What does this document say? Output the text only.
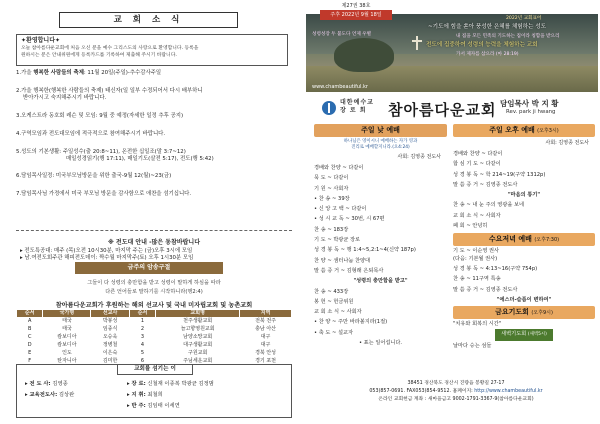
교 회 소 식
✦환영합니다✦
오늘 참아름다운교회에 처음 오신 분을 예수 그리스도의 사랑으로 환영합니다. 등록을
원하시는 분은 안내위원에게 등록카드를 기록하여 제출해 주시기 바랍니다.
1.가을 행복한 사람들의 축제: 11월 20일(주일)-추수감사주일
2.가을 행복한(행복한 사람들의 축제) 태신자(일 일부 수정되어서 다시 배부하니
받아가시고 숙지해주시기 바랍니다.
3.오케스트라 동호회 레슨 및 모임: 9월 중 예정(자세한 일정 추후 공지)
4.구역모임과 전도대모임에 적극적으로 참여해주시기 바랍니다.
5.성도의 기본생활: 주일성수(출 20:8~11), 온전한 십일조(말 3:7~12)
매일성경읽기(행 17:11), 매일기도(살전 5:17), 전도(행 5:42)
6.담임목사일정: 미국부모님방문을 위한 출국-9월 12(월)~23(금)
7.담임목사님 가정에서 미국 부모님 방문을 감사함으로 애찬을 섬기십니다.
※ 전도대 안내 -많은 동참바랍니다
▸ 전도특공대: 매주 (목)오전 10시30분, 마지막 주는 (금)오후 3시에 모임
금주의 암송구절
▸ 남.여전도회주관 해피전도데이: 짝수월 마지막주(토) 오후 1시30분 모임
그들이 다 성령의 충만함을 받고 성령이 말하게 하심을 따라
다른 언어들로 말하기를 시작하니라(행2:4)
참아름다운교회가 후원하는 해외 선교사 및 국내 미자립교회 및 농촌교회
순서	국가명	선교사	순서	교회명	지역
A	태국	박봉성	1	천주생활교회	전북 전주
B	태국	임종식	2	늘고향영원교회	충남 아산
C	캄보디아	오승욱	3	남양소망교회	대구
D	캄보디아	정병철	4	대구생활교회	대구
E	인도	이은숙	5	구원교회	경북 안성
F	탄자니아	김미한	6	주님세운교회	경기 포천
교회를 섬기는 이
▸ 전 도 사: 김영종
▸ 교육전도사: 김상완
▸ 장 로: 신철재 이종복 박광균 김정범
▸ 지 휘: 최철희
▸ 반 주: 김임태 이세연
성령성장 두 불도다 언제 우별
2022년 교회표어
~기도에 힘을 쏟아 풍성한 은혜를 체험하는 성도
내 집을 모든 민족의 기도하는 집이라 칭함을 받으리
전도에 집중하여 성령의 능력을 체험하는 교회
가서 제자를 삼으라 (마 28:19)
www.chambeautiful.kr
제27권 38호
주후 2022년 9월 18일
대한예수교
장 로 회	참아름다운교회 담임목사 박 지 황
Rev. park ji hwang
주일 낮 예배
하나님은 영이시니 예배하는 자가 영과
진리로 예배할지니라.(요4:24)
사회: 김영종 전도사
경배와 찬양 ~ 다같이
묵 도 ~ 다같이
기 원 ~ 사회자
• 찬 송 ~ 39장
• 신 앙 고 백 ~ 다같이
• 성 시 교 독 ~ 30번, 시 67편
찬 송 ~ 183장
기 도 ~ 박광균 장로
성 경 봉 독 ~ 행 1:4~5,2:1~4(신약 187p)
찬 양 ~ 샘터나눔 찬양대
말 씀 증 거 ~ 김형래 은퇴목사
"성령의 충만함을 받고"
찬 송 ~ 433장
봉 헌 ~ 헌금위원
교 회 소 식 ~ 사회자
• 찬 양 ~ 주만 바라볼지라(1절)
• 축 도 ~ 설교자
• 표는 일어섭니다.
주일 오후 예배 (오후3시)
사회: 김영종 전도사
경배와 찬양 ~ 다같이
합 심 기 도 ~ 다같이
성 경 봉 독 ~ 학 214~19(구약 1312p)
말 씀 증 거 ~ 김영종 전도사
"마음의 통기"
찬 송 ~ 내 눈 주의 영광을 보네
교 회 소 식 ~ 사회자
폐 회 ~ 안녕히
수요저녁 예배 (오후7:30)
기 도 ~ 이순영 권사
(다음: 기본월 권사)
성 경 봉 독 ~ 4:13~16(구약 754p)
찬 송 ~ 11구역 특송
말 씀 증 거 ~ 김영종 전도사
"에스더-슬픔이 변하여"
금요기도회 (오후9시)
"치유와 회복의 시간"
새벽기도회 (새벽5시)
날마다 승는 섬들
38451 경산북도 경산시 진량읍 봉황길 27-17
053)857-0691. FAX053)854-9512. 홈페이지: http://www.chambeautiful.kr
온라인 교회헌금 계좌 : 새마을금고 9002-1791-3367-9(참아름다운교회)
